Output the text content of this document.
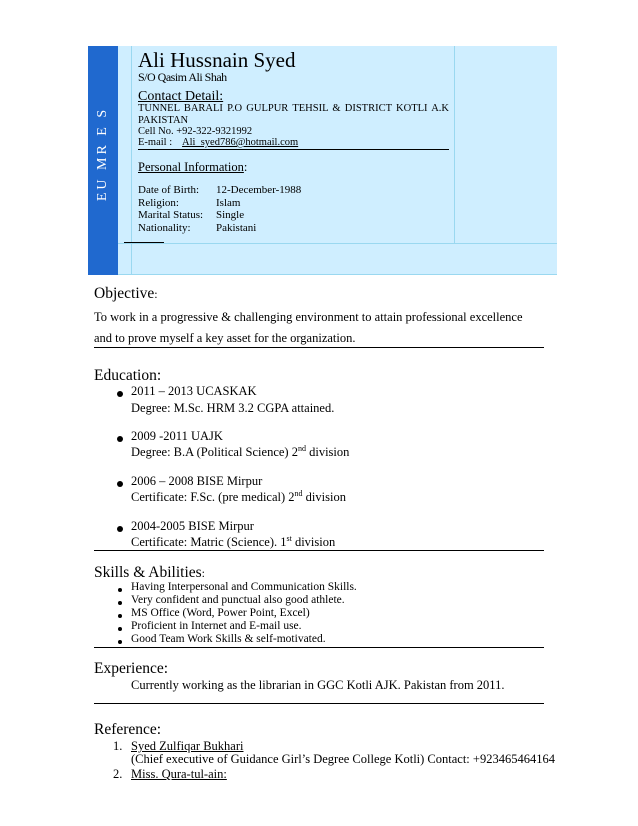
EU MR E S
Ali Hussnain Syed
S/O Qasim Ali Shah
Contact Detail:
TUNNEL BARALI P.O GULPUR TEHSIL & DISTRICT KOTLI A.K PAKISTAN
Cell No. +92-322-9321992
E-mail : Ali_syed786@hotmail.com
Personal Information:
Date of Birth:	12-December-1988
Religion:	Islam
Marital Status:	Single
Nationality:	Pakistani
Objective:
To work in a progressive & challenging environment to attain professional excellence
and to prove myself a key asset for the organization.
Education:
2011 – 2013 UCASKAK
Degree: M.Sc. HRM 3.2 CGPA attained.
2009 -2011 UAJK
Degree: B.A (Political Science) 2nd division
2006 – 2008 BISE Mirpur
Certificate: F.Sc. (pre medical) 2nd division
2004-2005 BISE Mirpur
Certificate: Matric (Science). 1st division
Skills & Abilities:
Having Interpersonal and Communication Skills.
Very confident and punctual also good athlete.
MS Office (Word, Power Point, Excel)
Proficient in Internet and E-mail use.
Good Team Work Skills & self-motivated.
Experience:
Currently working as the librarian in GGC Kotli AJK. Pakistan from 2011.
Reference:
1. Syed Zulfiqar Bukhari
(Chief executive of Guidance Girl’s Degree College Kotli) Contact: +923465464164
2. Miss. Qura-tul-ain:
